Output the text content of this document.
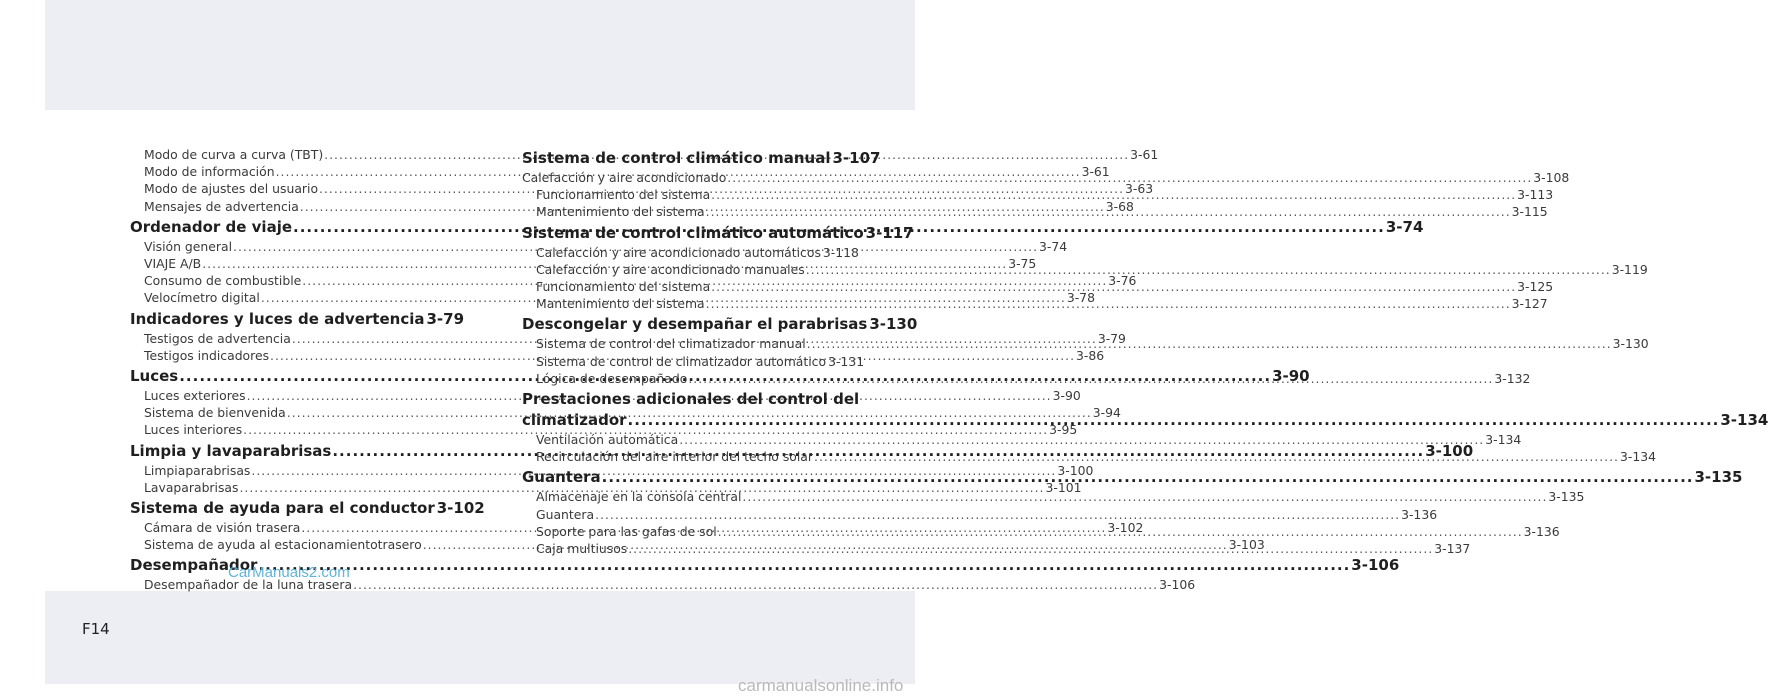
Modo de curva a curva (TBT) .....	3-61
Modo de información .....	3-61
Modo de ajustes del usuario .....	3-63
Mensajes de advertencia .....	3-68
Ordenador de viaje .....	3-74
Visión general .....	3-74
VIAJE A/B .....	3-75
Consumo de combustible .....	3-76
Velocímetro digital .....	3-78
Indicadores y luces de advertencia 3-79
Testigos de advertencia .....	3-79
Testigos indicadores .....	3-86
Luces .....	3-90
Luces exteriores .....	3-90
Sistema de bienvenida .....	3-94
Luces interiores .....	3-95
Limpia y lavaparabrisas .....	3-100
Limpiaparabrisas .....	3-100
Lavaparabrisas .....	3-101
Sistema de ayuda para el conductor 3-102
Cámara de visión trasera .....	3-102
Sistema de ayuda al estacionamientotrasero .....	3-103
Desempañador .....	3-106
Desempañador de la luna trasera .....	3-106
Sistema de control climático manual 3-107
Calefacción y aire acondicionado .....	3-108
Funcionamiento del sistema .....	3-113
Mantenimiento del sistema .....	3-115
Sistema de control climático automático 3-117
Calefacción y aire acondicionado automáticos 3-118
Calefacción y aire acondicionado manuales .....	3-119
Funcionamiento del sistema .....	3-125
Mantenimiento del sistema .....	3-127
Descongelar y desempañar el parabrisas 3-130
Sistema de control del climatizador manual .....	3-130
Sistema de control de climatizador automático 3-131
Lógica de desempañado .....	3-132
Prestaciones adicionales del control del
climatizador .....	3-134
Ventilación automática .....	3-134
Recirculación del aire interior del techo solar .....	3-134
Guantera .....	3-135
Almacenaje en la consola central .....	3-135
Guantera .....	3-136
Soporte para las gafas de sol .....	3-136
Caja multiusos .....	3-137
F14
CarManuals2.com
carmanualsonline.info
